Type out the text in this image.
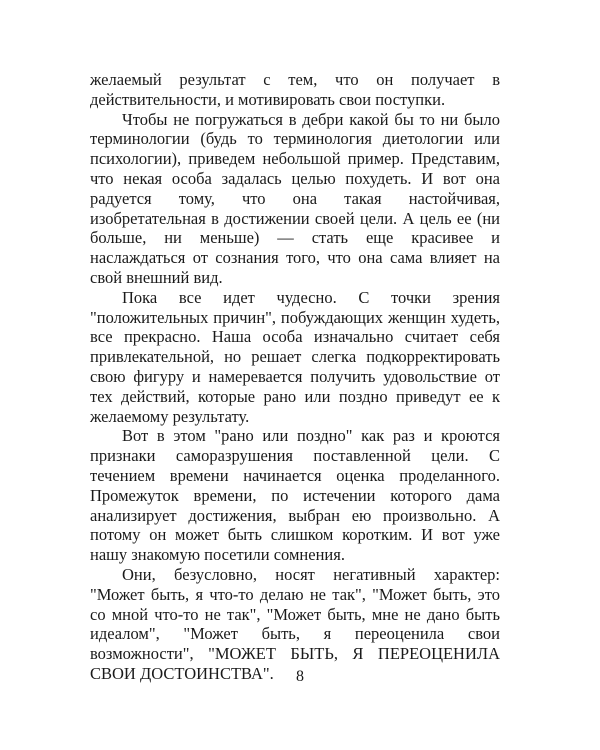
желаемый результат с тем, что он получает в действительности, и мотивировать свои поступки.

Чтобы не погружаться в дебри какой бы то ни было терминологии (будь то терминология диетологии или психологии), приведем небольшой пример. Представим, что некая особа задалась целью похудеть. И вот она радуется тому, что она такая настойчивая, изобретательная в достижении своей цели. А цель ее (ни больше, ни меньше) — стать еще красивее и наслаждаться от сознания того, что она сама влияет на свой внешний вид.

Пока все идет чудесно. С точки зрения "положительных причин", побуждающих женщин худеть, все прекрасно. Наша особа изначально считает себя привлекательной, но решает слегка подкорректировать свою фигуру и намеревается получить удовольствие от тех действий, которые рано или поздно приведут ее к желаемому результату.

Вот в этом "рано или поздно" как раз и кроются признаки саморазрушения поставленной цели. С течением времени начинается оценка проделанного. Промежуток времени, по истечении которого дама анализирует достижения, выбран ею произвольно. А потому он может быть слишком коротким. И вот уже нашу знакомую посетили сомнения.

Они, безусловно, носят негативный характер: "Может быть, я что-то делаю не так", "Может быть, это со мной что-то не так", "Может быть, мне не дано быть идеалом", "Может быть, я переоценила свои возможности", "МОЖЕТ БЫТЬ, Я ПЕРЕОЦЕНИЛА СВОИ ДОСТОИНСТВА".	8
